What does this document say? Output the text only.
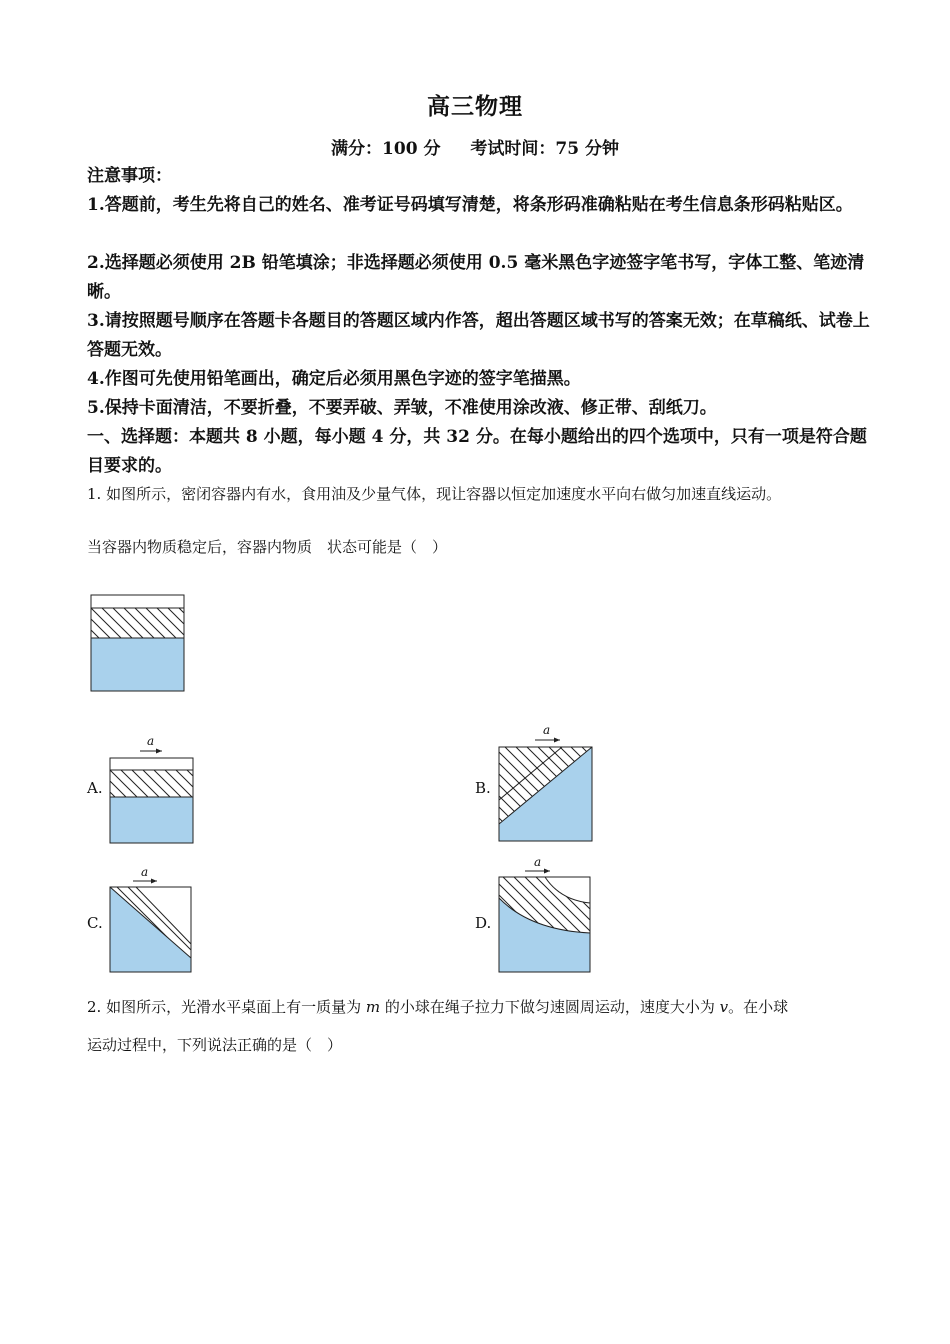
高三物理
满分：100 分 考试时间：75 分钟
注意事项：
1.答题前，考生先将自己的姓名、准考证号码填写清楚，将条形码准确粘贴在考生信息条形码粘贴区。
2.选择题必须使用 2B 铅笔填涂；非选择题必须使用 0.5 毫米黑色字迹签字笔书写，字体工整、笔迹清晰。
3.请按照题号顺序在答题卡各题目的答题区域内作答，超出答题区域书写的答案无效；在草稿纸、试卷上答题无效。
4.作图可先使用铅笔画出，确定后必须用黑色字迹的签字笔描黑。
5.保持卡面清洁，不要折叠，不要弄破、弄皱，不准使用涂改液、修正带、刮纸刀。
一、选择题：本题共 8 小题，每小题 4 分，共 32 分。在每小题给出的四个选项中，只有一项是符合题目要求的。
1. 如图所示，密闭容器内有水，食用油及少量气体，现让容器以恒定加速度水平向右做匀加速直线运动。
当容器内物质稳定后，容器内物质　状态可能是（　）
a
a
a
a
A.	B.
C.	D.
2. 如图所示，光滑水平桌面上有一质量为 m 的小球在绳子拉力下做匀速圆周运动，速度大小为 v。在小球
运动过程中，下列说法正确的是（　）
